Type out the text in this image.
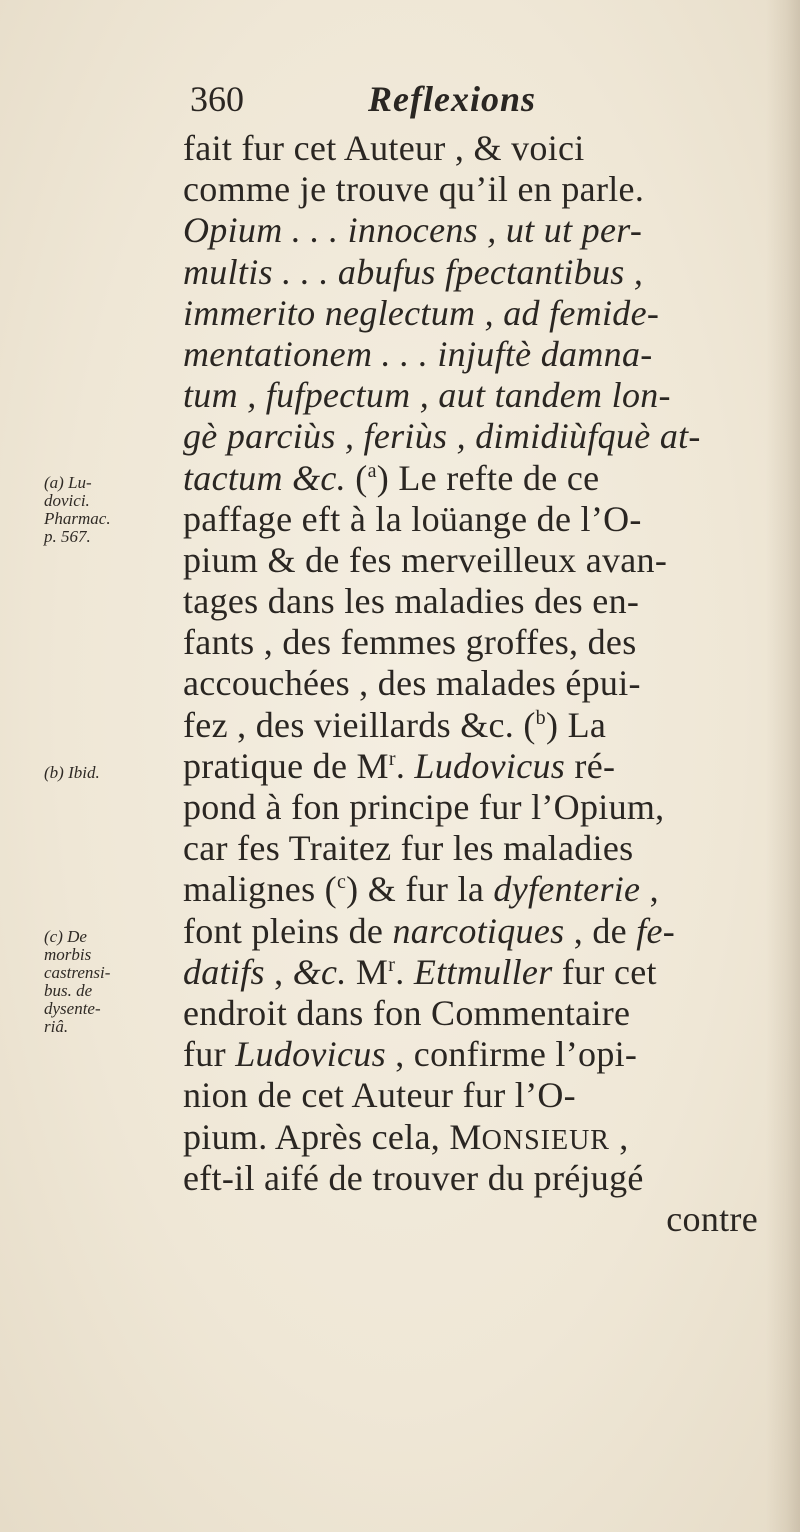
360	Reflexions
(a) Lu-
dovici.
Pharmac.
p. 567.
(b) Ibid.
(c) De
morbis
castrensi-
bus. de
dysente-
riâ.
fait fur cet Auteur , & voici
comme je trouve qu’il en parle.
Opium . . . innocens , ut ut per-
multis . . . abufus fpectantibus ,
immerito neglectum , ad femide-
mentationem . . . injuftè damna-
tum , fufpectum , aut tandem lon-
gè parciùs , feriùs , dimidiùfquè at-
tactum &c. ($^a$) Le refte de ce
paffage eft à la loüange de l’O-
pium & de fes merveilleux avan-
tages dans les maladies des en-
fants , des femmes groffes, des
accouchées , des malades épui-
fez , des vieillards &c. ($^b$) La
pratique de $M^r$. Ludovicus ré-
pond à fon principe fur l’Opium,
car fes Traitez fur les maladies
malignes ($^c$) & fur la dyfenterie ,
font pleins de narcotiques , de fe-
datifs , &c. $M^r$. Ettmuller fur cet
endroit dans fon Commentaire
fur Ludovicus , confirme l’opi-
nion de cet Auteur fur l’O-
pium. Après cela, MONSIEUR ,
eft-il aifé de trouver du préjugé
contre
